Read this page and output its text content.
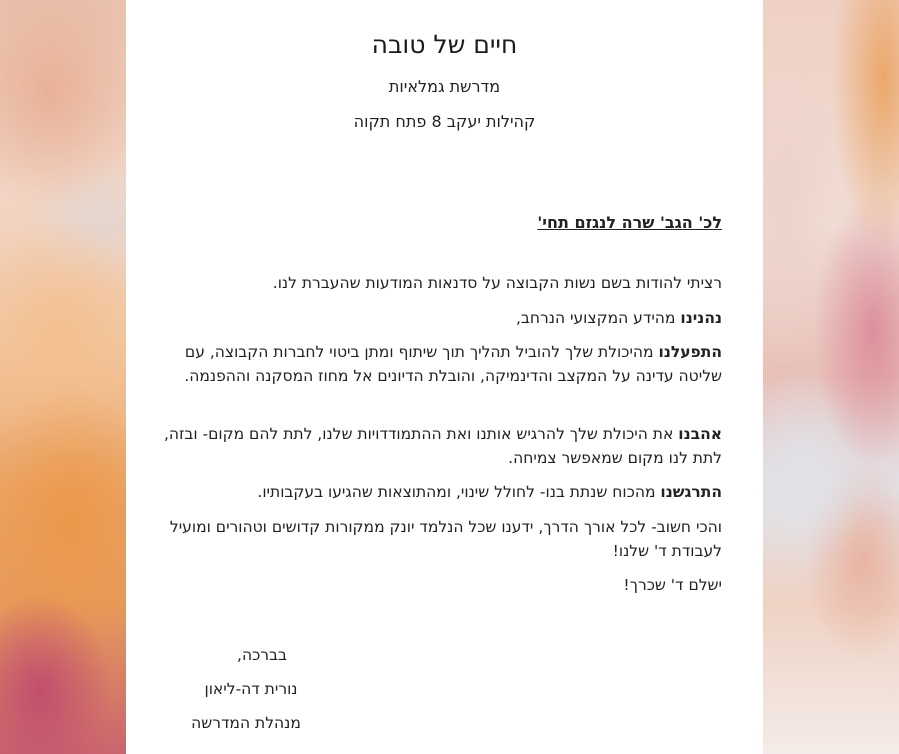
חיים של טובה
מדרשת גמלאיות
קהילות יעקב 8 פתח תקוה
לכ' הגב' שרה לנגזם תחי'
רציתי להודות בשם נשות הקבוצה על סדנאות המודעות שהעברת לנו.
נהנינו מהידע המקצועי הנרחב,
התפעלנו מהיכולת שלך להוביל תהליך תוך שיתוף ומתן ביטוי לחברות הקבוצה, עם שליטה עדינה על המקצב והדינמיקה, והובלת הדיונים אל מחוז המסקנה וההפנמה.
אהבנו את היכולת שלך להרגיש אותנו ואת ההתמודדויות שלנו, לתת להם מקום- ובזה, לתת לנו מקום שמאפשר צמיחה.
התרגשנו מהכוח שנתת בנו- לחולל שינוי, ומהתוצאות שהגיעו בעקבותיו.
והכי חשוב- לכל אורך הדרך, ידענו שכל הנלמד יונק ממקורות קדושים וטהורים ומועיל לעבודת ד' שלנו!
ישלם ד' שכרך!
בברכה,
נורית דה-ליאון
מנהלת המדרשה
